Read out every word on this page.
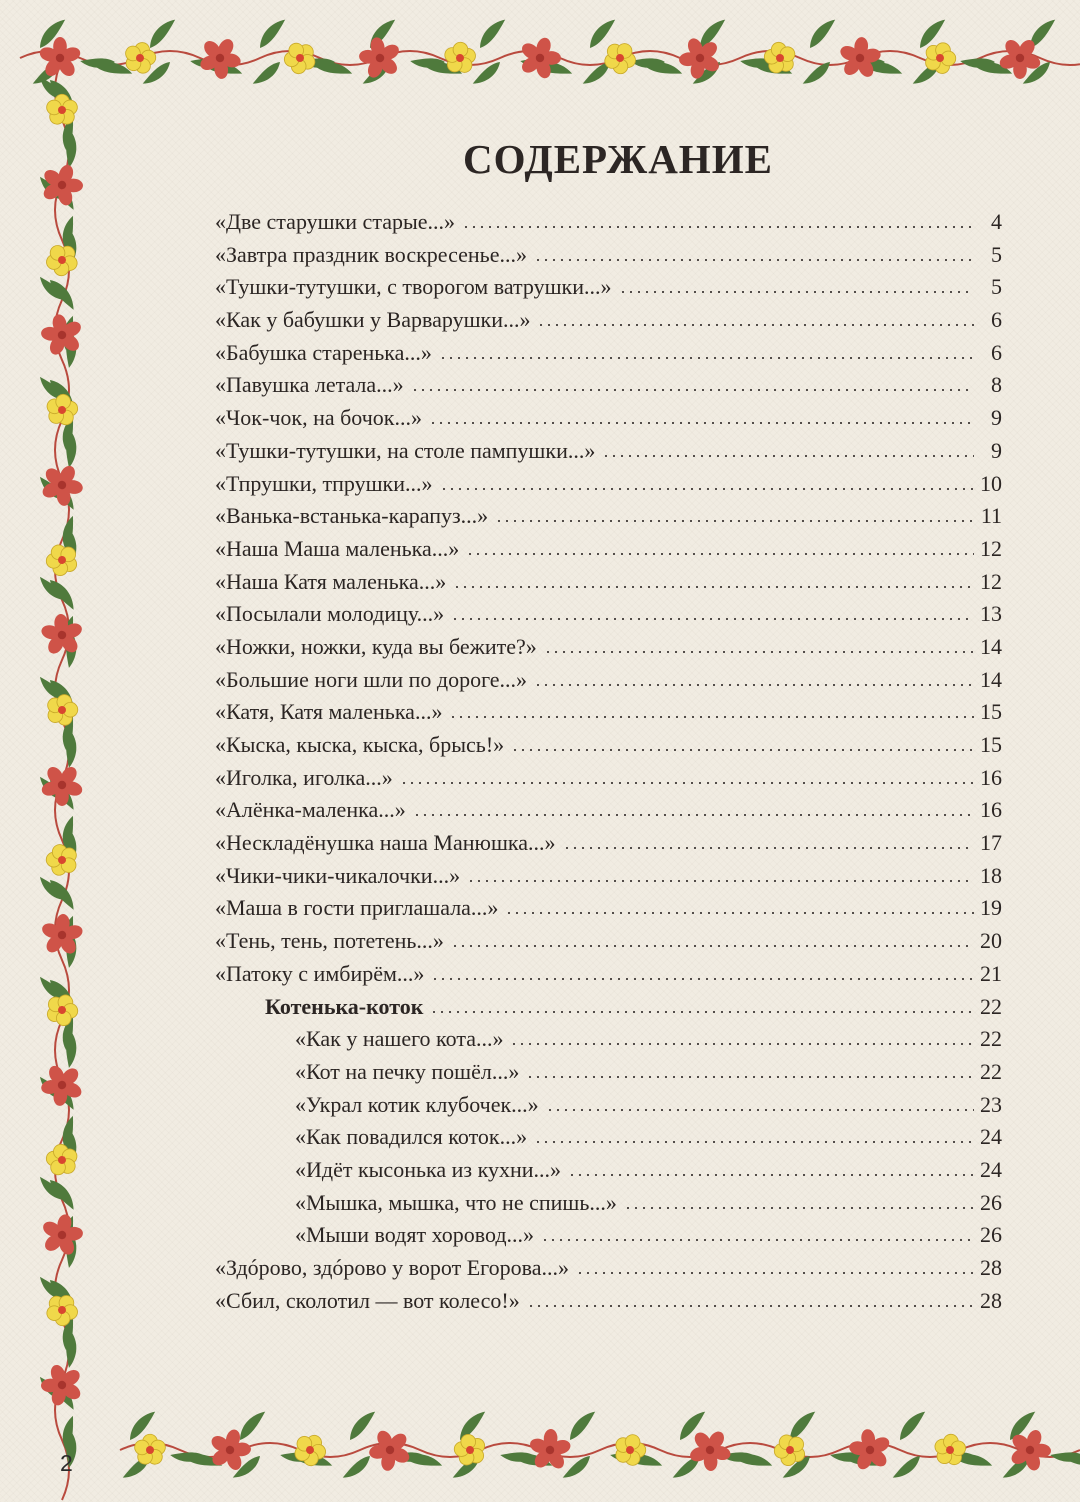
СОДЕРЖАНИЕ
«Две старушки старые...»	4
«Завтра праздник воскресенье...»	5
«Тушки-тутушки, с творогом ватрушки...»	5
«Как у бабушки у Варварушки...»	6
«Бабушка старенька...»	6
«Павушка летала...»	8
«Чок-чок, на бочок...»	9
«Тушки-тутушки, на столе пампушки...»	9
«Тпрушки, тпрушки...»	10
«Ванька-встанька-карапуз...»	11
«Наша Маша маленька...»	12
«Наша Катя маленька...»	12
«Посылали молодицу...»	13
«Ножки, ножки, куда вы бежите?»	14
«Большие ноги шли по дороге...»	14
«Катя, Катя маленька...»	15
«Кыска, кыска, кыска, брысь!»	15
«Иголка, иголка...»	16
«Алёнка-маленка...»	16
«Нескладёнушка наша Манюшка...»	17
«Чики-чики-чикалочки...»	18
«Маша в гости приглашала...»	19
«Тень, тень, потетень...»	20
«Патоку с имбирём...»	21
Котенька-коток	22
«Как у нашего кота...»	22
«Кот на печку пошёл...»	22
«Украл котик клубочек...»	23
«Как повадился коток...»	24
«Идёт кысонька из кухни...»	24
«Мышка, мышка, что не спишь...»	26
«Мыши водят хоровод...»	26
«Здóрово, здóрово у ворот Егорова...»	28
«Сбил, сколотил — вот колесо!»	28
2
